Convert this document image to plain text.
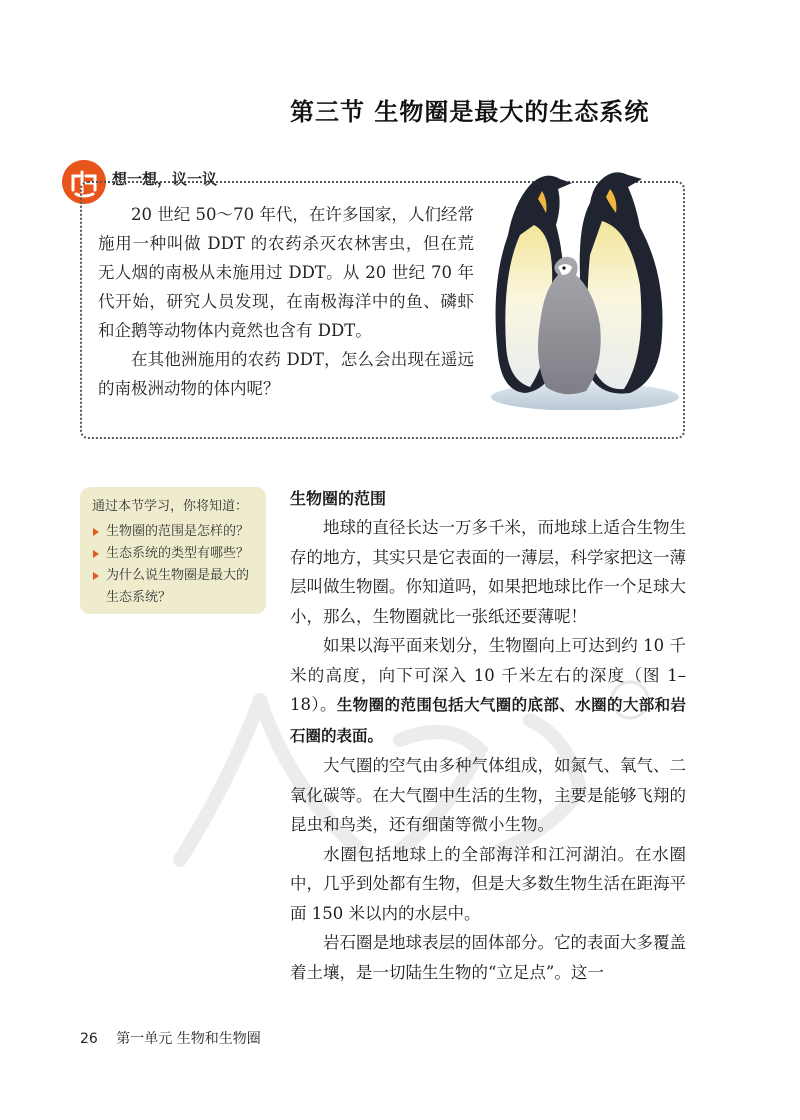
第三节 生物圈是最大的生态系统
想一想，议一议

20 世纪 50～70 年代，在许多国家，人们经常施用一种叫做 DDT 的农药杀灭农林害虫，但在荒无人烟的南极从未施用过 DDT。从 20 世纪 70 年代开始，研究人员发现，在南极海洋中的鱼、磷虾和企鹅等动物体内竟然也含有 DDT。

在其他洲施用的农药 DDT，怎么会出现在遥远的南极洲动物的体内呢？

通过本节学习，你将知道：
生物圈的范围是怎样的？
生态系统的类型有哪些？
为什么说生物圈是最大的生态系统？
生物圈的范围

地球的直径长达一万多千米，而地球上适合生物生存的地方，其实只是它表面的一薄层，科学家把这一薄层叫做生物圈。你知道吗，如果把地球比作一个足球大小，那么，生物圈就比一张纸还要薄呢！

如果以海平面来划分，生物圈向上可达到约 10 千米的高度，向下可深入 10 千米左右的深度（图 1–18）。生物圈的范围包括大气圈的底部、水圈的大部和岩石圈的表面。

大气圈的空气由多种气体组成，如氮气、氧气、二氧化碳等。在大气圈中生活的生物，主要是能够飞翔的昆虫和鸟类，还有细菌等微小生物。

水圈包括地球上的全部海洋和江河湖泊。在水圈中，几乎到处都有生物，但是大多数生物生活在距海平面 150 米以内的水层中。

岩石圈是地球表层的固体部分。它的表面大多覆盖着土壤，是一切陆生生物的“立足点”。这一

26 第一单元 生物和生物圈
